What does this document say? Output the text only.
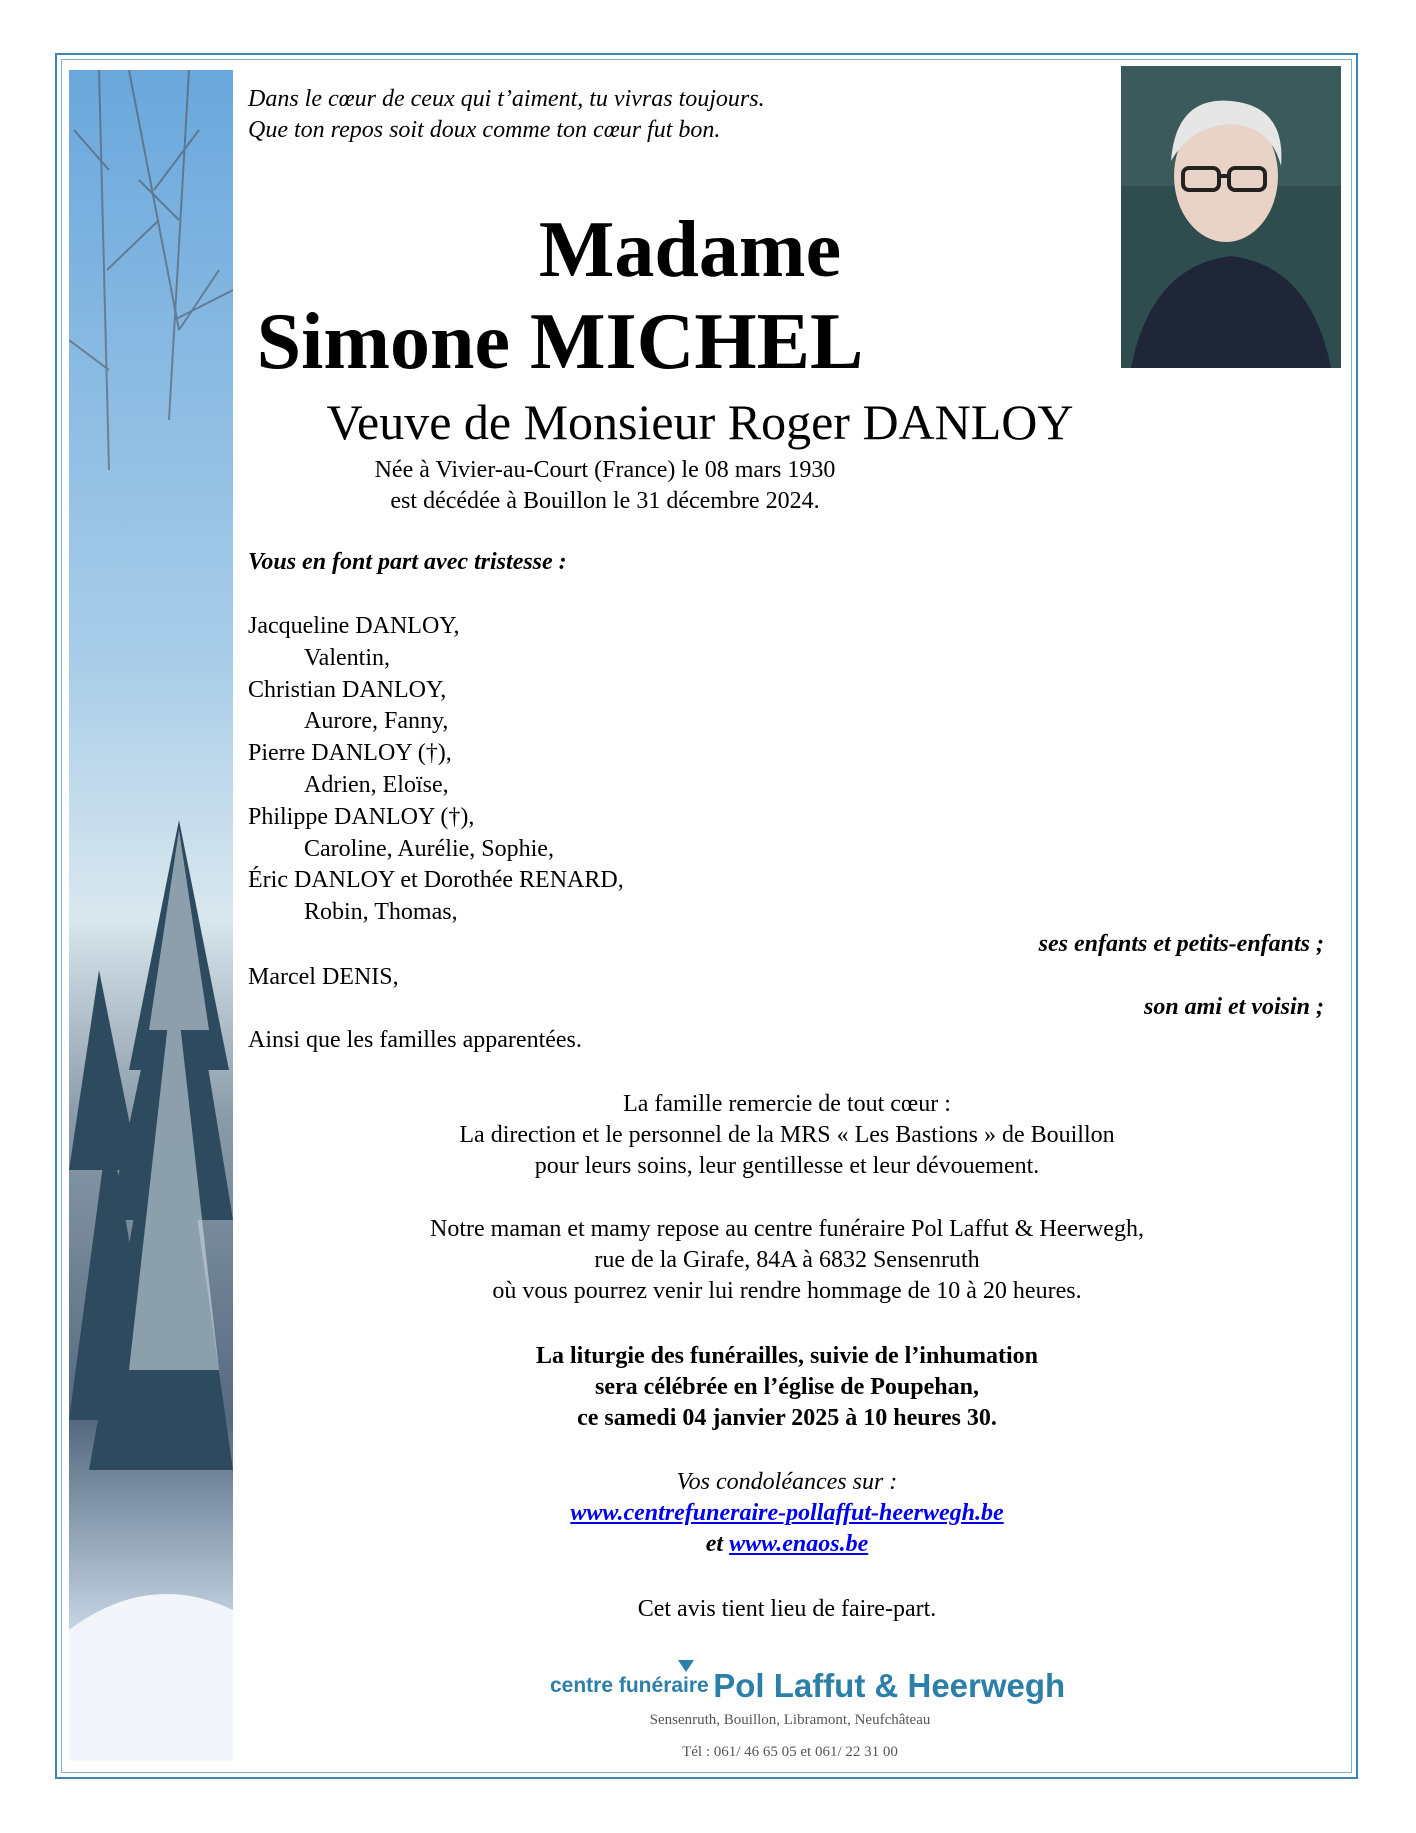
Dans le cœur de ceux qui t’aiment, tu vivras toujours.
Que ton repos soit doux comme ton cœur fut bon.
Madame
Simone MICHEL
Veuve de Monsieur Roger DANLOY
Née à Vivier-au-Court (France) le 08 mars 1930
est décédée à Bouillon le 31 décembre 2024.
Vous en font part avec tristesse :
Jacqueline DANLOY,
Valentin,
Christian DANLOY,
Aurore, Fanny,
Pierre DANLOY (†),
Adrien, Eloïse,
Philippe DANLOY (†),
Caroline, Aurélie, Sophie,
Éric DANLOY et Dorothée RENARD,
Robin, Thomas,
ses enfants et petits-enfants ;
Marcel DENIS,
son ami et voisin ;
Ainsi que les familles apparentées.
La famille remercie de tout cœur :
La direction et le personnel de la MRS « Les Bastions » de Bouillon
pour leurs soins, leur gentillesse et leur dévouement.
Notre maman et mamy repose au centre funéraire Pol Laffut & Heerwegh,
rue de la Girafe, 84A à 6832 Sensenruth
où vous pourrez venir lui rendre hommage de 10 à 20 heures.
La liturgie des funérailles, suivie de l’inhumation
sera célébrée en l’église de Poupehan,
ce samedi 04 janvier 2025 à 10 heures 30.
Vos condoléances sur :
www.centrefuneraire-pollaffut-heerwegh.be
et www.enaos.be
Cet avis tient lieu de faire-part.
centre funéraire Pol Laffut & Heerwegh
Sensenruth, Bouillon, Libramont, Neufchâteau
Tél : 061/ 46 65 05 et 061/ 22 31 00
